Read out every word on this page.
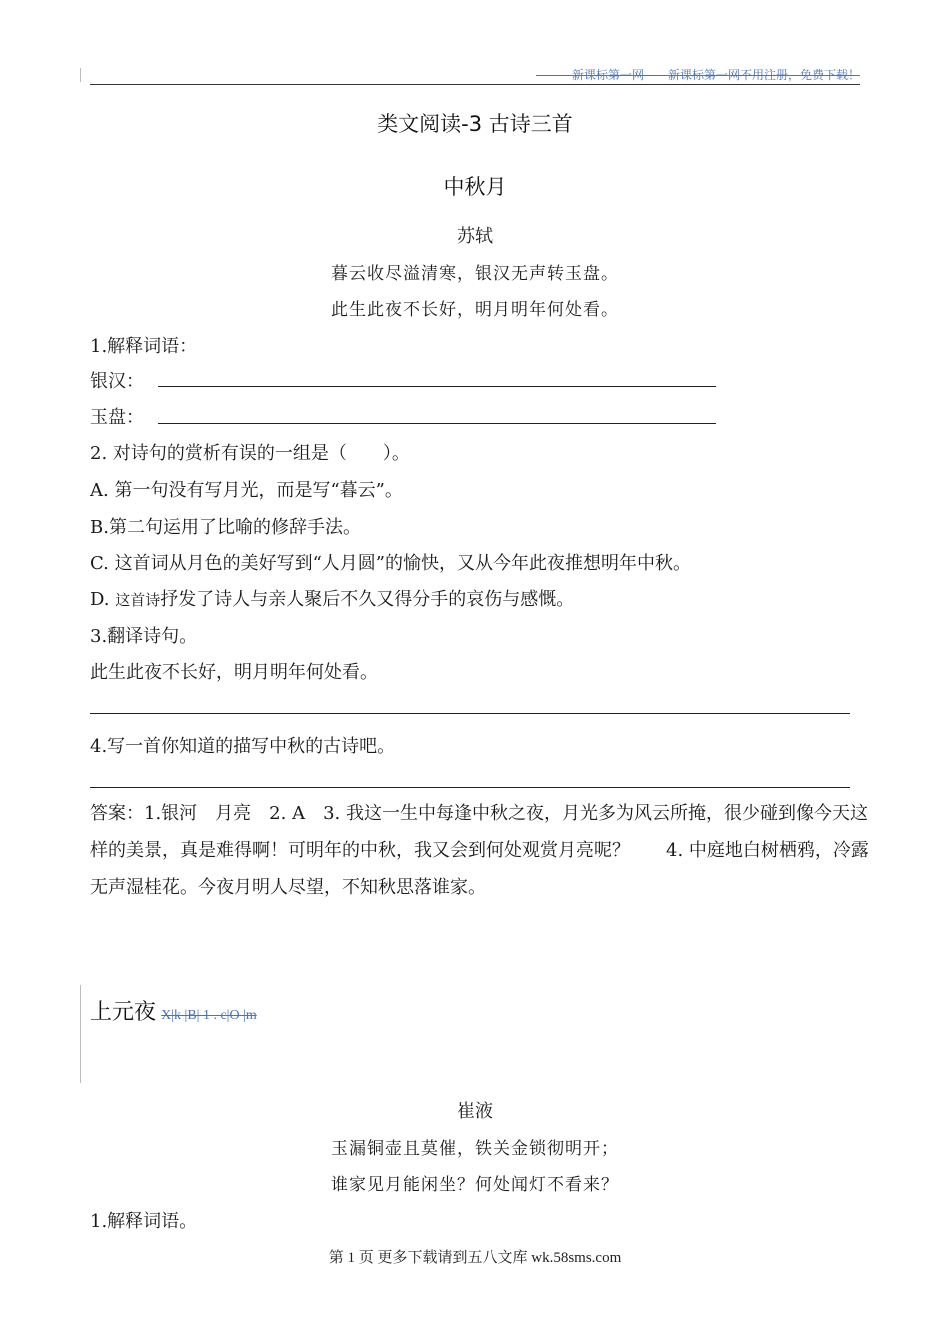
———新课标第一网——新课标第一网不用注册，免费下载！
类文阅读-3 古诗三首
中秋月
苏轼
暮云收尽溢清寒，银汉无声转玉盘。
此生此夜不长好，明月明年何处看。
1.解释词语：
银汉：
玉盘：
2. 对诗句的赏析有误的一组是（　　）。
A. 第一句没有写月光，而是写“暮云”。
B.第二句运用了比喻的修辞手法。
C. 这首词从月色的美好写到“人月圆”的愉快，又从今年此夜推想明年中秋。
D. 这首诗抒发了诗人与亲人聚后不久又得分手的哀伤与感慨。
3.翻译诗句。
此生此夜不长好，明月明年何处看。
4.写一首你知道的描写中秋的古诗吧。
答案：1.银河　月亮　2. A　3. 我这一生中每逢中秋之夜，月光多为风云所掩，很少碰到像今天这样的美景，真是难得啊！可明年的中秋，我又会到何处观赏月亮呢？　　4. 中庭地白树栖鸦，冷露无声湿桂花。今夜月明人尽望，不知秋思落谁家。
上元夜 X|k |B| 1 . c|O |m
崔液
玉漏铜壶且莫催，铁关金锁彻明开；
谁家见月能闲坐？何处闻灯不看来？
1.解释词语。
第 1 页 更多下载请到五八文库 wk.58sms.com
